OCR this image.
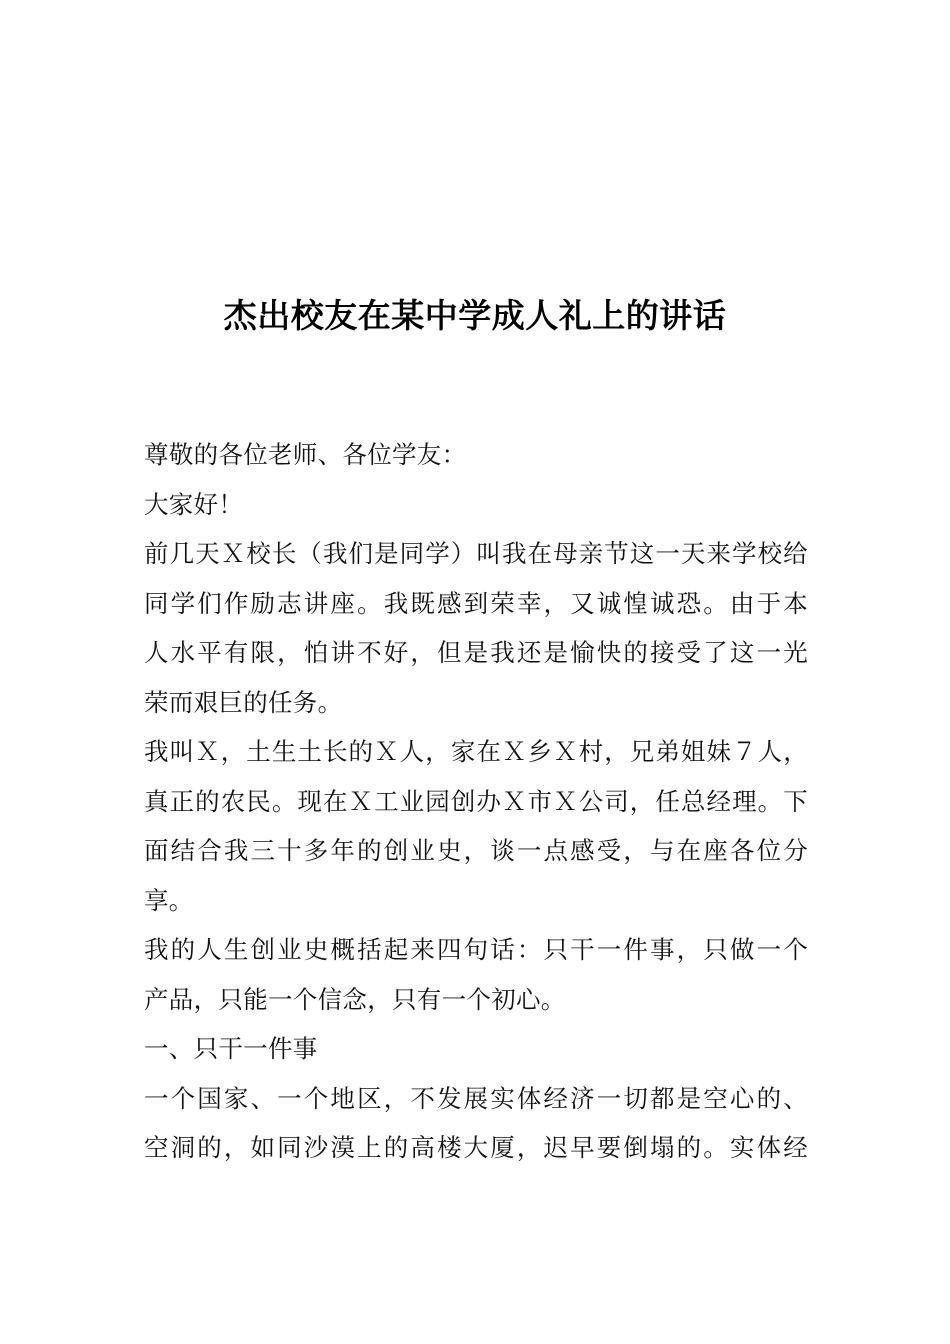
杰出校友在某中学成人礼上的讲话
尊敬的各位老师、各位学友：
大家好！
前几天Ｘ校长（我们是同学）叫我在母亲节这一天来学校给
同学们作励志讲座。我既感到荣幸，又诚惶诚恐。由于本
人水平有限，怕讲不好，但是我还是愉快的接受了这一光
荣而艰巨的任务。
我叫Ｘ，土生土长的Ｘ人，家在Ｘ乡Ｘ村，兄弟姐妹７人，
真正的农民。现在Ｘ工业园创办Ｘ市Ｘ公司，任总经理。下
面结合我三十多年的创业史，谈一点感受，与在座各位分
享。
我的人生创业史概括起来四句话：只干一件事，只做一个
产品，只能一个信念，只有一个初心。
一、只干一件事
一个国家、一个地区，不发展实体经济一切都是空心的、
空洞的，如同沙漠上的高楼大厦，迟早要倒塌的。实体经
